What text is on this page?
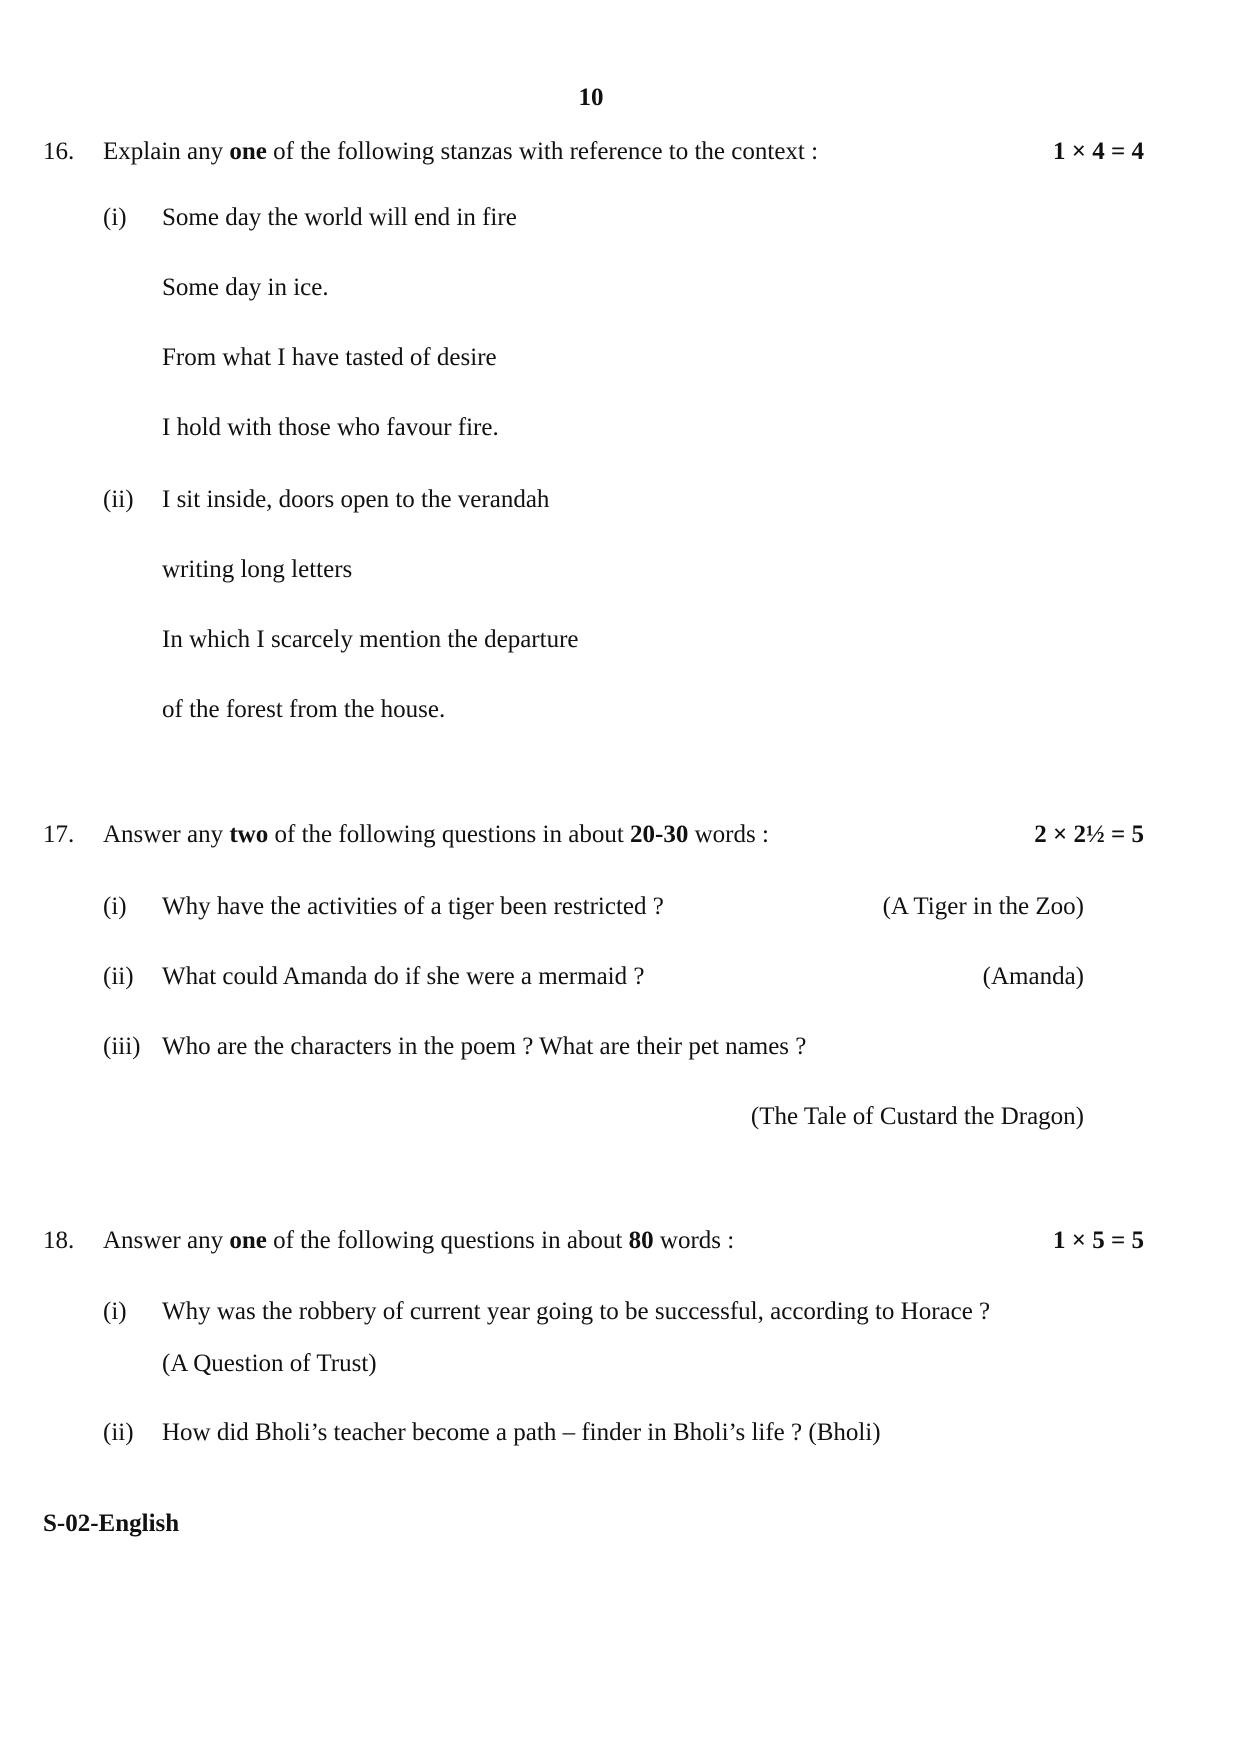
10
16. Explain any one of the following stanzas with reference to the context :	1 × 4 = 4
(i) Some day the world will end in fire
Some day in ice.
From what I have tasted of desire
I hold with those who favour fire.
(ii) I sit inside, doors open to the verandah
writing long letters
In which I scarcely mention the departure
of the forest from the house.
17. Answer any two of the following questions in about 20-30 words :	2 × 2½ = 5
(i) Why have the activities of a tiger been restricted ?	(A Tiger in the Zoo)
(ii) What could Amanda do if she were a mermaid ?	(Amanda)
(iii) Who are the characters in the poem ? What are their pet names ?
(The Tale of Custard the Dragon)
18. Answer any one of the following questions in about 80 words :	1 × 5 = 5
(i) Why was the robbery of current year going to be successful, according to Horace ?
(A Question of Trust)
(ii) How did Bholi’s teacher become a path – finder in Bholi’s life ? (Bholi)
S-02-English
